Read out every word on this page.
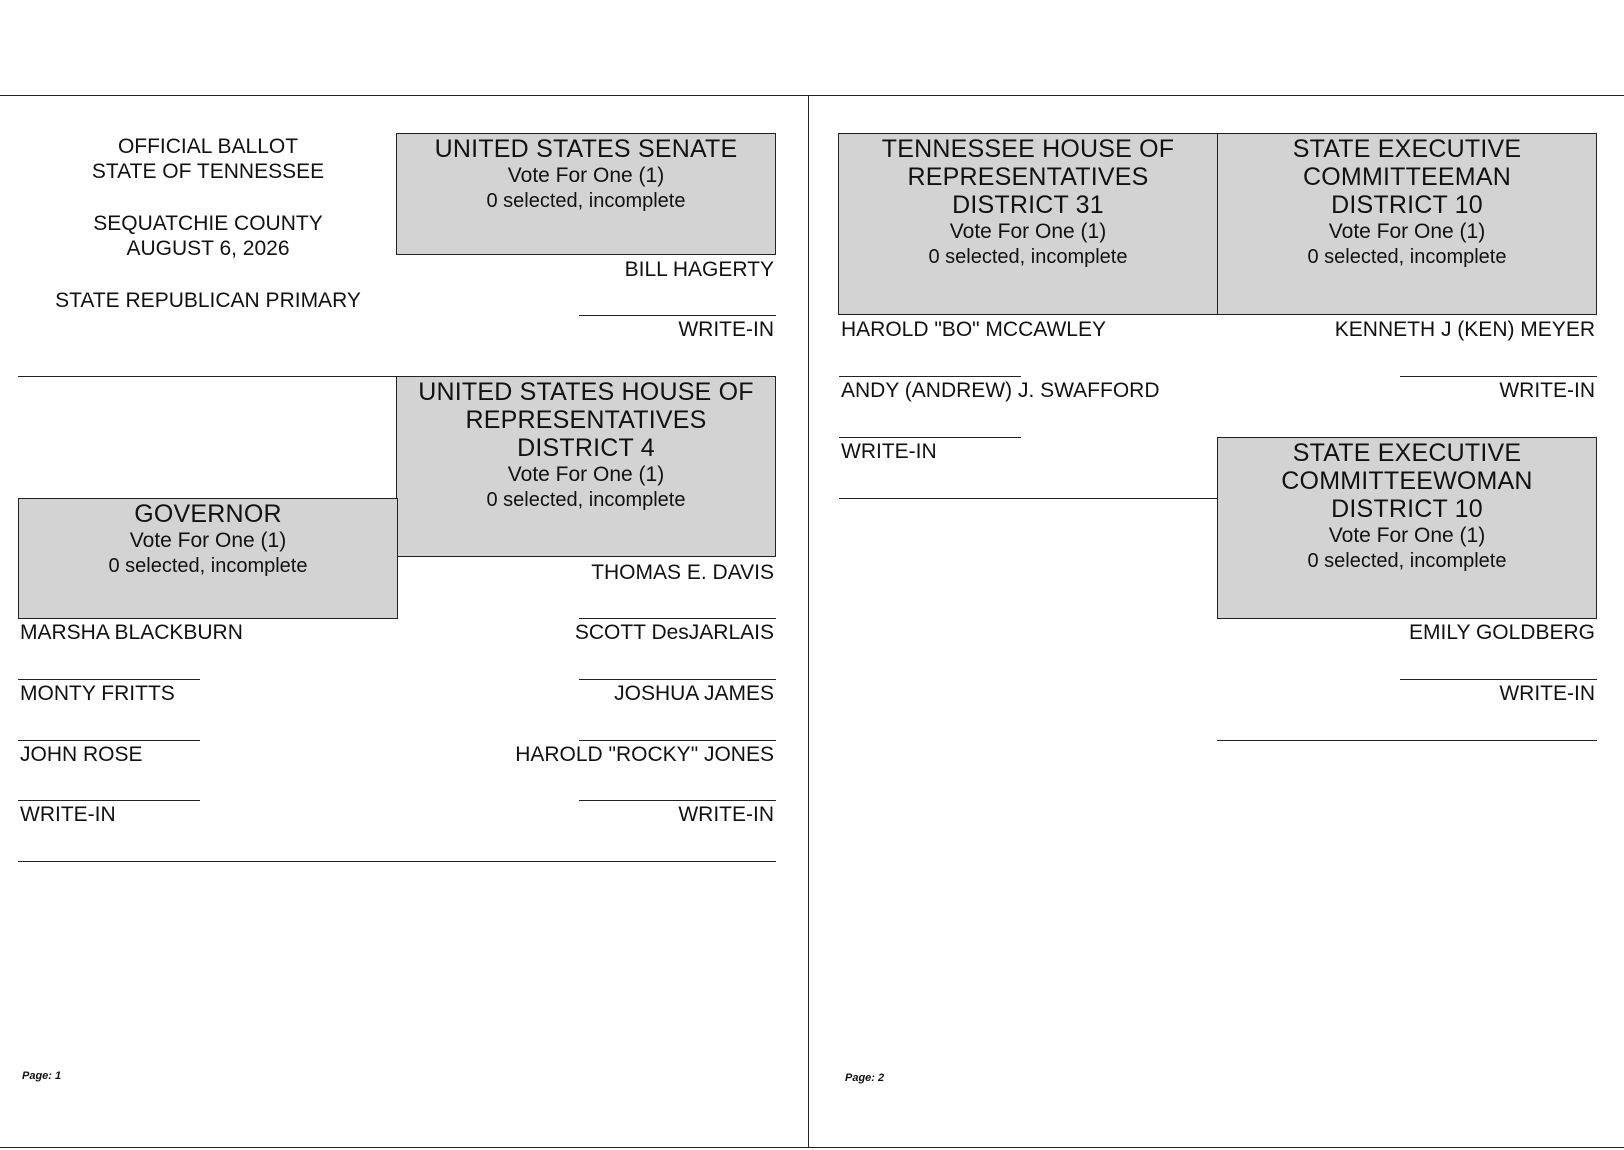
OFFICIAL BALLOT
STATE OF TENNESSEE
SEQUATCHIE COUNTY
AUGUST 6, 2026
STATE REPUBLICAN PRIMARY
UNITED STATES SENATE
Vote For One (1)
0 selected, incomplete
BILL HAGERTY
WRITE-IN
UNITED STATES HOUSE OF
REPRESENTATIVES
DISTRICT 4
Vote For One (1)
0 selected, incomplete
THOMAS E. DAVIS
SCOTT DesJARLAIS
JOSHUA JAMES
HAROLD "ROCKY" JONES
WRITE-IN
GOVERNOR
Vote For One (1)
0 selected, incomplete
MARSHA BLACKBURN
MONTY FRITTS
JOHN ROSE
WRITE-IN
Page: 1
TENNESSEE HOUSE OF
REPRESENTATIVES
DISTRICT 31
Vote For One (1)
0 selected, incomplete
HAROLD "BO" MCCAWLEY
ANDY (ANDREW) J. SWAFFORD
WRITE-IN
STATE EXECUTIVE
COMMITTEEMAN
DISTRICT 10
Vote For One (1)
0 selected, incomplete
KENNETH J (KEN) MEYER
WRITE-IN
STATE EXECUTIVE
COMMITTEEWOMAN
DISTRICT 10
Vote For One (1)
0 selected, incomplete
EMILY GOLDBERG
WRITE-IN
Page: 2
